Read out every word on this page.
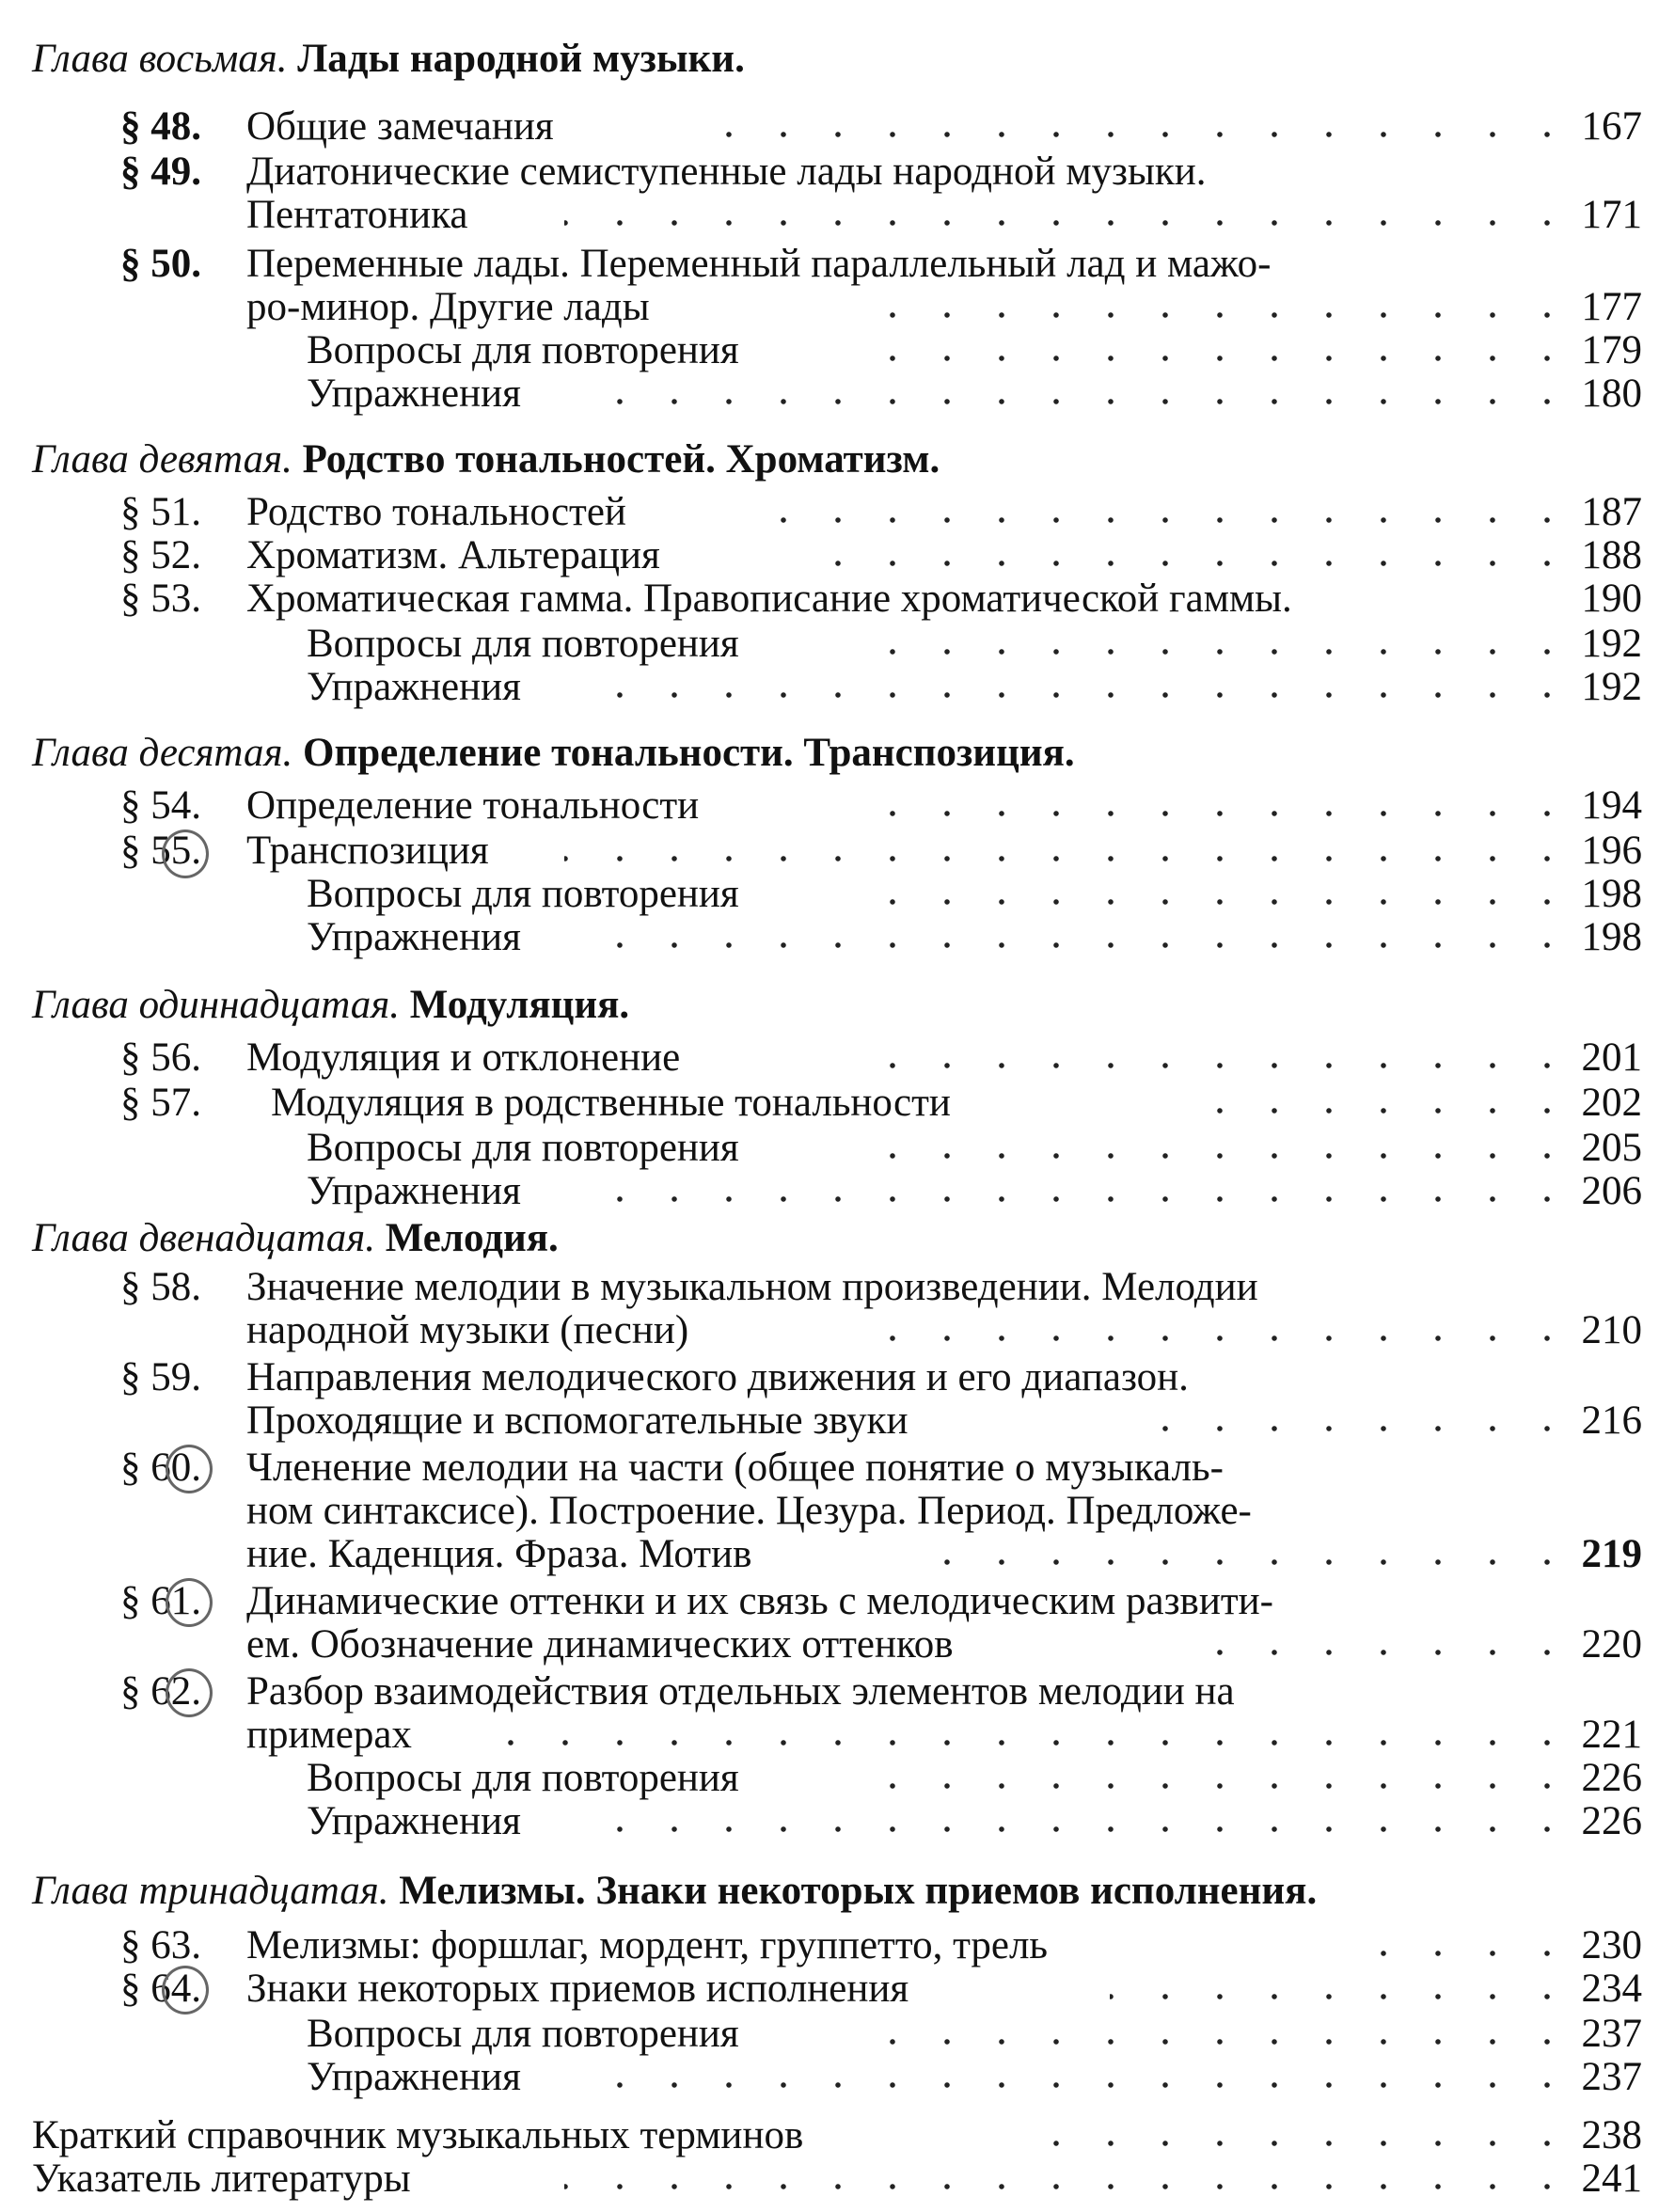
Глава восьмая. Лады народной музыки.
§ 48. Общие замечания	167
§ 49. Диатонические семиступенные лады народной музыки.
Пентатоника	171
§ 50. Переменные лады. Переменный параллельный лад и мажо-
ро-минор. Другие лады	177
Вопросы для повторения	179
Упражнения	180
Глава девятая. Родство тональностей. Хроматизм.
§ 51. Родство тональностей	187
§ 52. Хроматизм. Альтерация	188
§ 53. Хроматическая гамма. Правописание хроматической гаммы.	190
Вопросы для повторения	192
Упражнения	192
Глава десятая. Определение тональности. Транспозиция.
§ 54. Определение тональности	194
§ 55. Транспозиция	196
Вопросы для повторения	198
Упражнения	198
Глава одиннадцатая. Модуляция.
§ 56. Модуляция и отклонение	201
§ 57. Модуляция в родственные тональности	202
Вопросы для повторения	205
Упражнения	206
Глава двенадцатая. Мелодия.
§ 58. Значение мелодии в музыкальном произведении. Мелодии
народной музыки (песни)	210
§ 59. Направления мелодического движения и его диапазон.
Проходящие и вспомогательные звуки	216
§ 60. Членение мелодии на части (общее понятие о музыкаль-
ном синтаксисе). Построение. Цезура. Период. Предложе-
ние. Каденция. Фраза. Мотив	219
§ 61. Динамические оттенки и их связь с мелодическим развити-
ем. Обозначение динамических оттенков	220
§ 62. Разбор взаимодействия отдельных элементов мелодии на
примерах	221
Вопросы для повторения	226
Упражнения	226
Глава тринадцатая. Мелизмы. Знаки некоторых приемов исполнения.
§ 63. Мелизмы: форшлаг, мордент, группетто, трель	230
§ 64. Знаки некоторых приемов исполнения	234
Вопросы для повторения	237
Упражнения	237
Краткий справочник музыкальных терминов	238
Указатель литературы	241
